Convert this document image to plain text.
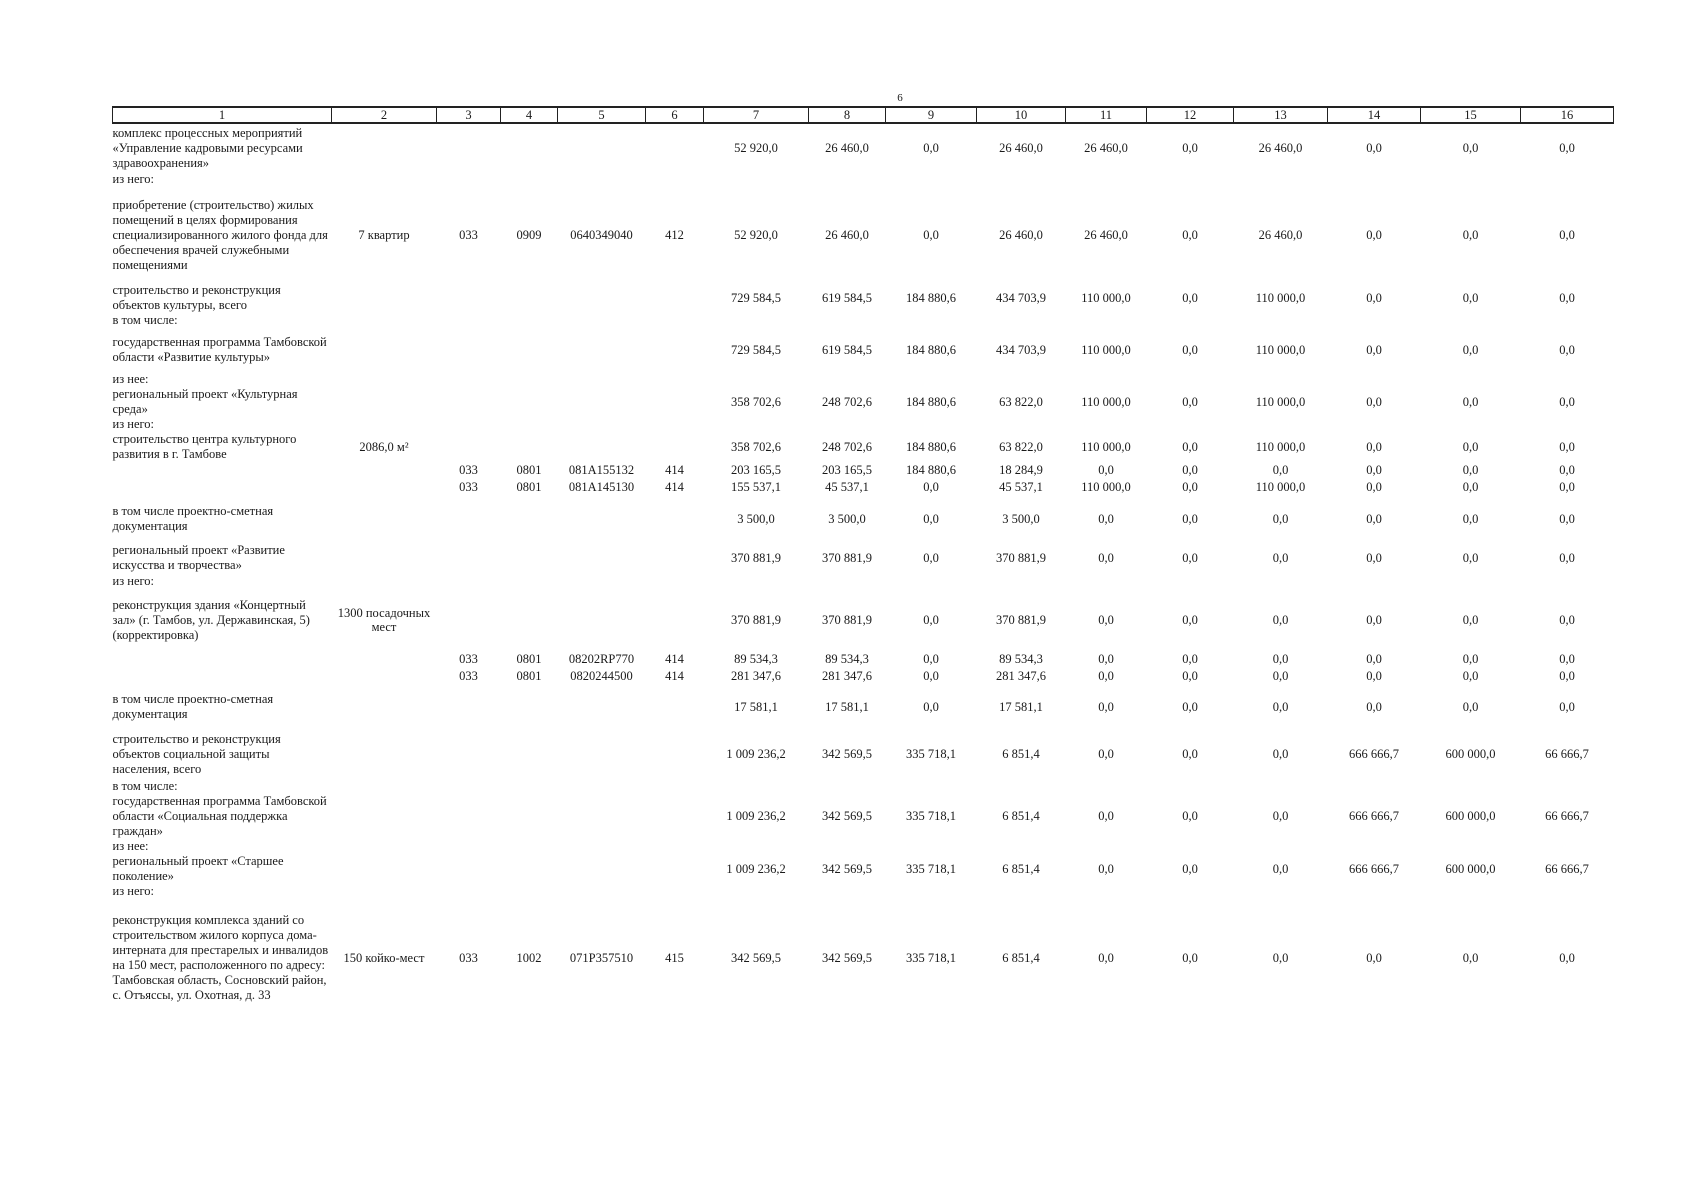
6
1	2	3	4	5	6	7	8	9	10	11	12	13	14	15	16
комплекс процессных мероприятий «Управление кадровыми ресурсами здравоохранения»						52 920,0	26 460,0	0,0	26 460,0	26 460,0	0,0	26 460,0	0,0	0,0	0,0
из него:															
приобретение (строительство) жилых помещений в целях формирования специализированного жилого фонда для обеспечения врачей служебными помещениями	7 квартир	033	0909	0640349040	412	52 920,0	26 460,0	0,0	26 460,0	26 460,0	0,0	26 460,0	0,0	0,0	0,0
строительство и реконструкция объектов культуры, всего						729 584,5	619 584,5	184 880,6	434 703,9	110 000,0	0,0	110 000,0	0,0	0,0	0,0
в том числе:															
государственная программа Тамбовской области «Развитие культуры»						729 584,5	619 584,5	184 880,6	434 703,9	110 000,0	0,0	110 000,0	0,0	0,0	0,0
из нее:															
региональный проект «Культурная среда»						358 702,6	248 702,6	184 880,6	63 822,0	110 000,0	0,0	110 000,0	0,0	0,0	0,0
из него:															
строительство центра культурного развития в г. Тамбове	2086,0 м²					358 702,6	248 702,6	184 880,6	63 822,0	110 000,0	0,0	110 000,0	0,0	0,0	0,0
		033	0801	081A155132	414	203 165,5	203 165,5	184 880,6	18 284,9	0,0	0,0	0,0	0,0	0,0	0,0
		033	0801	081A145130	414	155 537,1	45 537,1	0,0	45 537,1	110 000,0	0,0	110 000,0	0,0	0,0	0,0
в том числе проектно-сметная документация						3 500,0	3 500,0	0,0	3 500,0	0,0	0,0	0,0	0,0	0,0	0,0
региональный проект «Развитие искусства и творчества»						370 881,9	370 881,9	0,0	370 881,9	0,0	0,0	0,0	0,0	0,0	0,0
из него:															
реконструкция здания «Концертный зал» (г. Тамбов, ул. Державинская, 5) (корректировка)	1300 посадочных мест					370 881,9	370 881,9	0,0	370 881,9	0,0	0,0	0,0	0,0	0,0	0,0
		033	0801	08202RP770	414	89 534,3	89 534,3	0,0	89 534,3	0,0	0,0	0,0	0,0	0,0	0,0
		033	0801	0820244500	414	281 347,6	281 347,6	0,0	281 347,6	0,0	0,0	0,0	0,0	0,0	0,0
в том числе проектно-сметная документация						17 581,1	17 581,1	0,0	17 581,1	0,0	0,0	0,0	0,0	0,0	0,0
строительство и реконструкция объектов социальной защиты населения, всего						1 009 236,2	342 569,5	335 718,1	6 851,4	0,0	0,0	0,0	666 666,7	600 000,0	66 666,7
в том числе:															
государственная программа Тамбовской области «Социальная поддержка граждан»						1 009 236,2	342 569,5	335 718,1	6 851,4	0,0	0,0	0,0	666 666,7	600 000,0	66 666,7
из нее:															
региональный проект «Старшее поколение»						1 009 236,2	342 569,5	335 718,1	6 851,4	0,0	0,0	0,0	666 666,7	600 000,0	66 666,7
из него:															
реконструкция комплекса зданий со строительством жилого корпуса дома-интерната для престарелых и инвалидов на 150 мест, расположенного по адресу: Тамбовская область, Сосновский район, с. Отъяссы, ул. Охотная, д. 33	150 койко-мест	033	1002	071P357510	415	342 569,5	342 569,5	335 718,1	6 851,4	0,0	0,0	0,0	0,0	0,0	0,0
